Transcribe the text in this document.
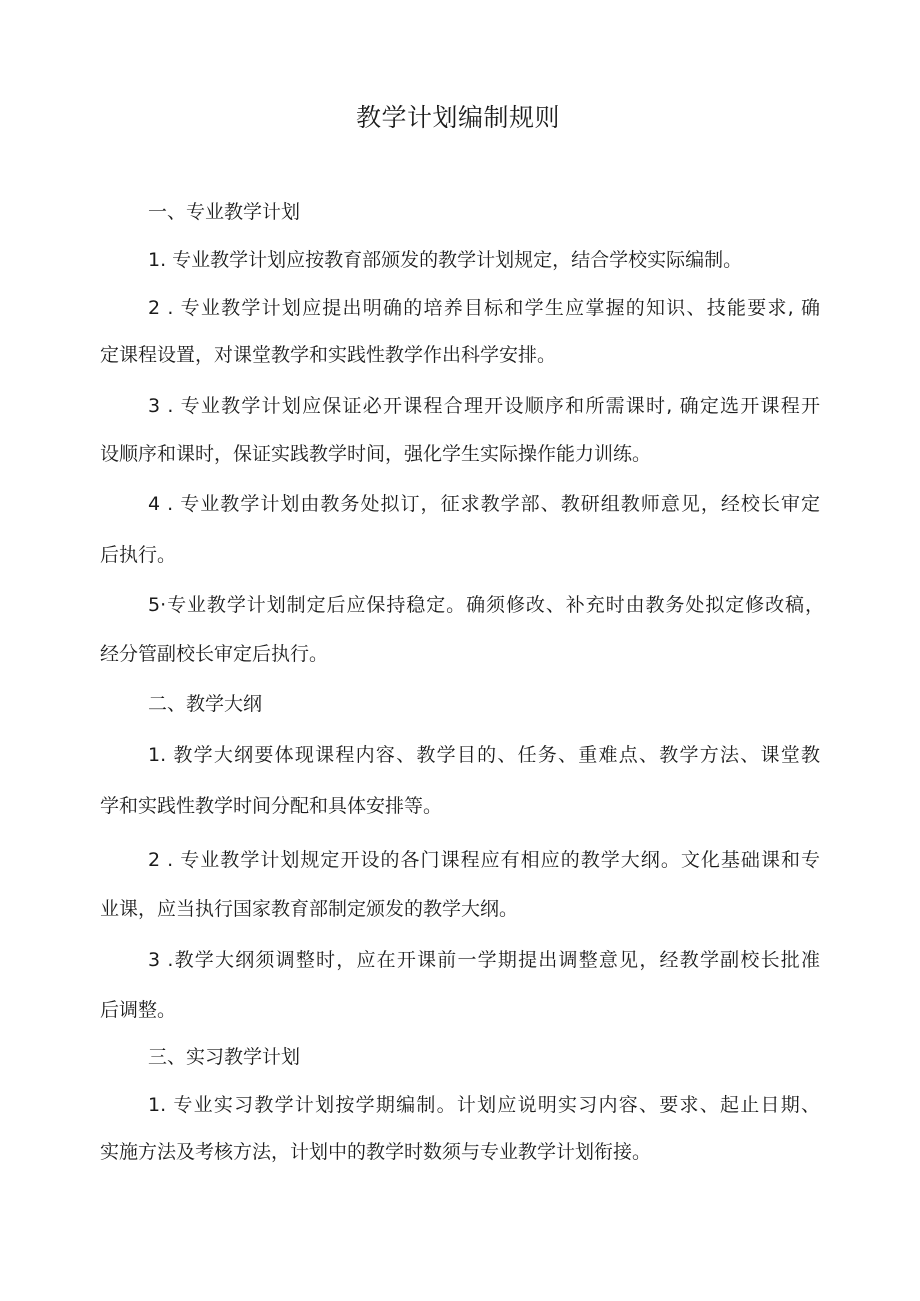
教学计划编制规则

一、专业教学计划

1. 专业教学计划应按教育部颁发的教学计划规定，结合学校实际编制。

2 . 专业教学计划应提出明确的培养目标和学生应掌握的知识、技能要求, 确

定课程设置，对课堂教学和实践性教学作出科学安排。

3 . 专业教学计划应保证必开课程合理开设顺序和所需课时, 确定选开课程开

设顺序和课时，保证实践教学时间，强化学生实际操作能力训练。

4 . 专业教学计划由教务处拟订，征求教学部、教研组教师意见，经校长审定

后执行。

5·专业教学计划制定后应保持稳定。确须修改、补充时由教务处拟定修改稿，

经分管副校长审定后执行。

二、教学大纲

1. 教学大纲要体现课程内容、教学目的、任务、重难点、教学方法、课堂教

学和实践性教学时间分配和具体安排等。

2 . 专业教学计划规定开设的各门课程应有相应的教学大纲。文化基础课和专

业课，应当执行国家教育部制定颁发的教学大纲。

3 .教学大纲须调整时，应在开课前一学期提出调整意见，经教学副校长批准

后调整。

三、实习教学计划

1. 专业实习教学计划按学期编制。计划应说明实习内容、要求、起止日期、

实施方法及考核方法，计划中的教学时数须与专业教学计划衔接。
